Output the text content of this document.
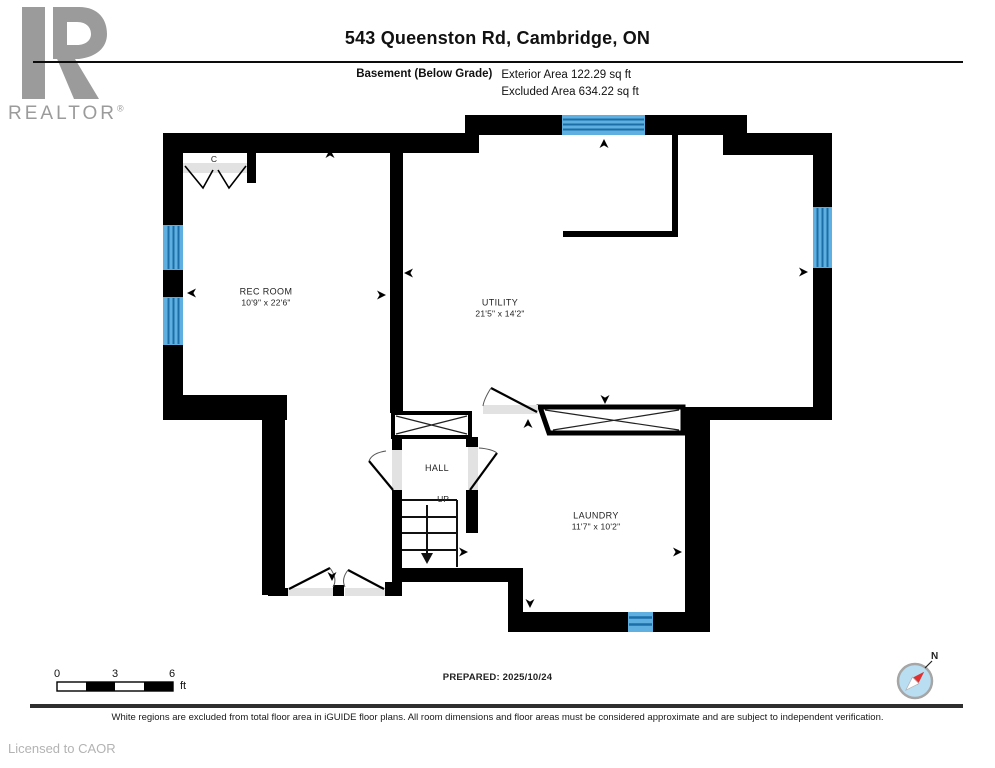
REALTOR®
543 Queenston Rd, Cambridge, ON
Basement (Below Grade) Exterior Area 122.29 sq ft
Excluded Area 634.22 sq ft
REC ROOM
10'9" x 22'6"	UTILITY
21'5" x 14'2"
HALL
LAUNDRY
11'7" x 10'2"
C
UP
0	3	6
ft
PREPARED: 2025/10/24
N
White regions are excluded from total floor area in iGUIDE floor plans. All room dimensions and floor areas must be considered approximate and are subject to independent verification.
Licensed to CAOR
